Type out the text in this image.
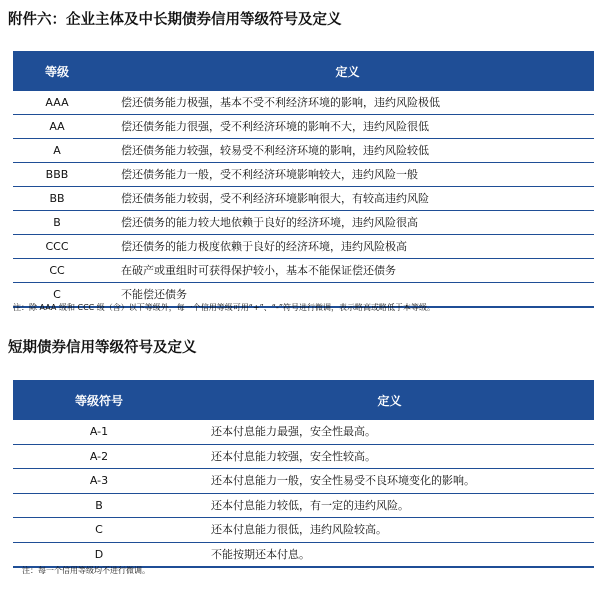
附件六：企业主体及中长期债券信用等级符号及定义
等级	定义
AAA	偿还债务能力极强，基本不受不利经济环境的影响，违约风险极低
AA	偿还债务能力很强，受不利经济环境的影响不大，违约风险很低
A	偿还债务能力较强，较易受不利经济环境的影响，违约风险较低
BBB	偿还债务能力一般，受不利经济环境影响较大，违约风险一般
BB	偿还债务能力较弱，受不利经济环境影响很大，有较高违约风险
B	偿还债务的能力较大地依赖于良好的经济环境，违约风险很高
CCC	偿还债务的能力极度依赖于良好的经济环境，违约风险极高
CC	在破产或重组时可获得保护较小，基本不能保证偿还债务
C	不能偿还债务
注：除 AAA 级和 CCC 级（含）以下等级外，每一个信用等级可用“+”、“-”符号进行微调，表示略高或略低于本等级。
短期债券信用等级符号及定义
等级符号	定义
A-1	还本付息能力最强，安全性最高。
A-2	还本付息能力较强，安全性较高。
A-3	还本付息能力一般，安全性易受不良环境变化的影响。
B	还本付息能力较低，有一定的违约风险。
C	还本付息能力很低，违约风险较高。
D	不能按期还本付息。
注：每一个信用等级均不进行微调。
